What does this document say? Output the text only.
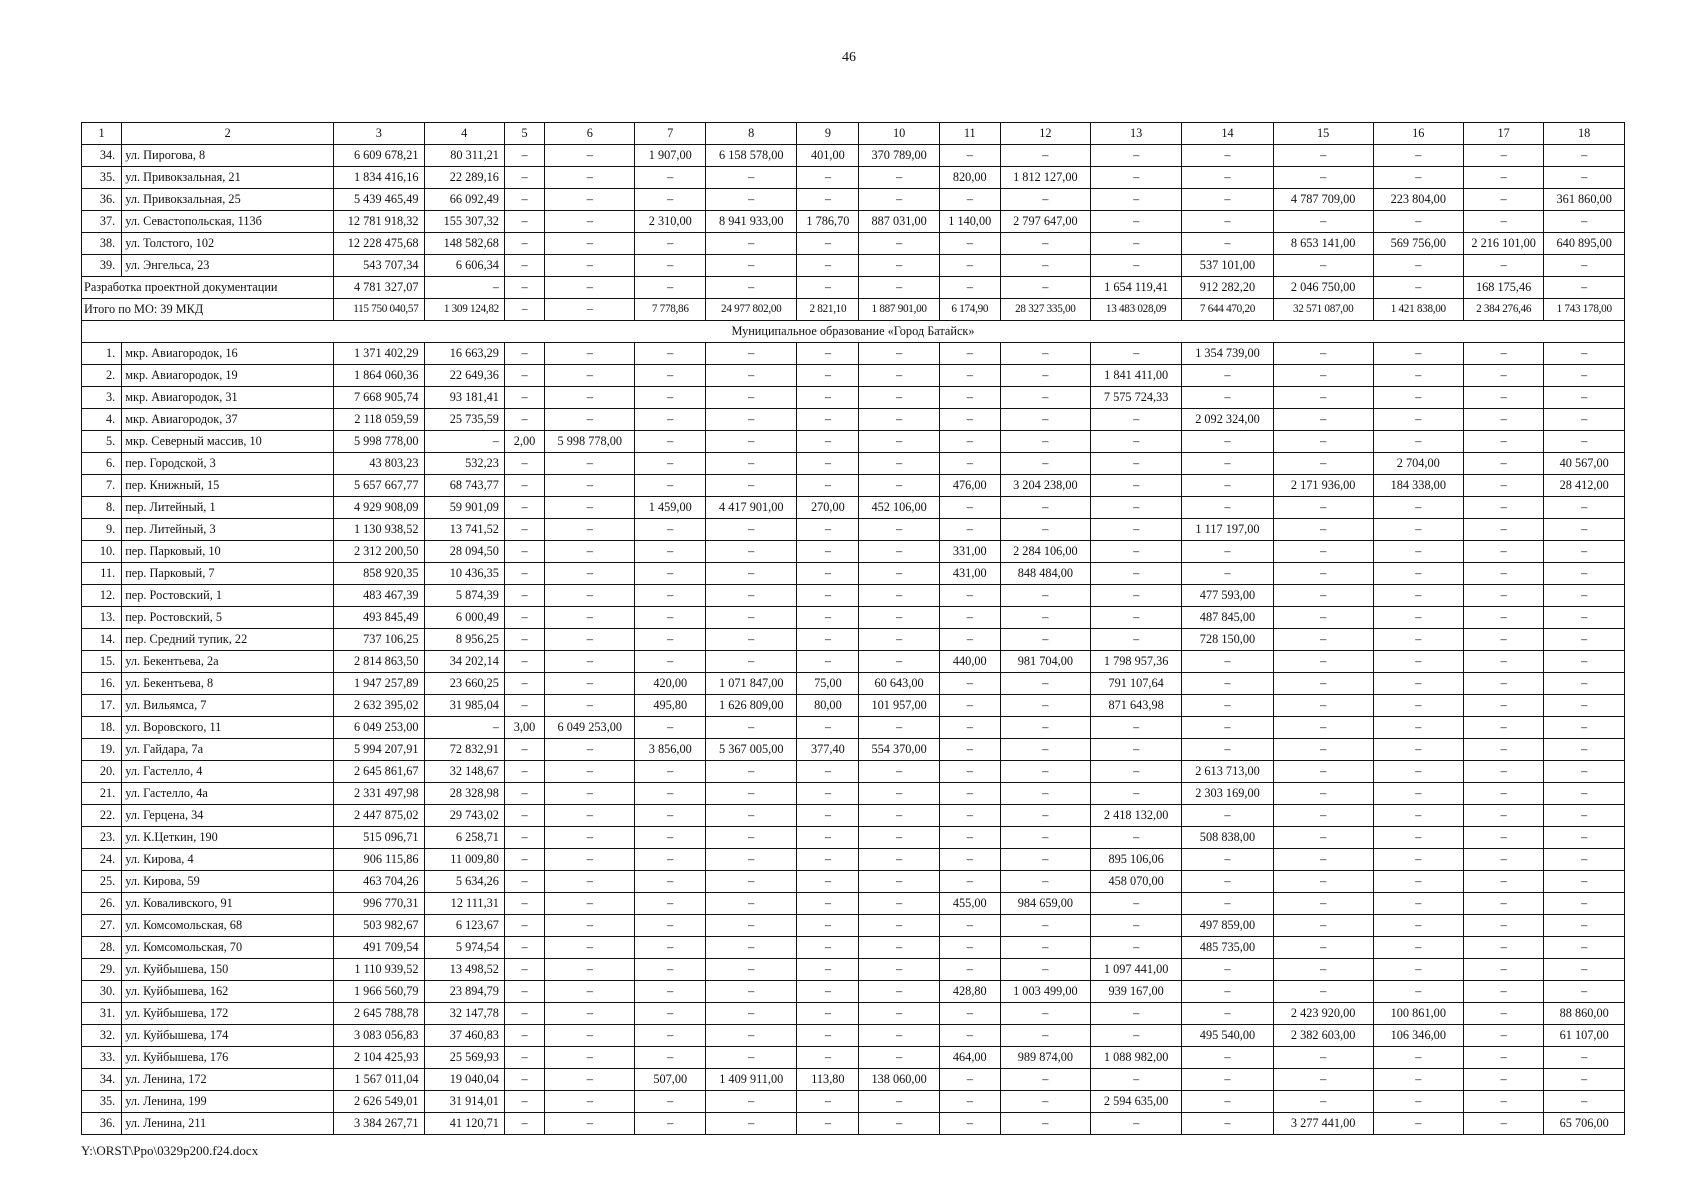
46
1	2	3	4	5	6	7	8	9	10	11	12	13	14	15	16	17	18
34.	ул. Пирогова, 8	6 609 678,21	80 311,21	–	–	1 907,00	6 158 578,00	401,00	370 789,00	–	–	–	–	–	–	–	–
35.	ул. Привокзальная, 21	1 834 416,16	22 289,16	–	–	–	–	–	–	820,00	1 812 127,00	–	–	–	–	–	–
36.	ул. Привокзальная, 25	5 439 465,49	66 092,49	–	–	–	–	–	–	–	–	–	–	4 787 709,00	223 804,00	–	361 860,00
37.	ул. Севастопольская, 113б	12 781 918,32	155 307,32	–	–	2 310,00	8 941 933,00	1 786,70	887 031,00	1 140,00	2 797 647,00	–	–	–	–	–	–
38.	ул. Толстого, 102	12 228 475,68	148 582,68	–	–	–	–	–	–	–	–	–	–	8 653 141,00	569 756,00	2 216 101,00	640 895,00
39.	ул. Энгельса, 23	543 707,34	6 606,34	–	–	–	–	–	–	–	–	–	537 101,00	–	–	–	–
Разработка проектной документации		4 781 327,07	–	–	–	–	–	–	–	–	–	1 654 119,41	912 282,20	2 046 750,00	–	168 175,46	–
Итого по МО: 39 МКД		115 750 040,57	1 309 124,82	–	–	7 778,86	24 977 802,00	2 821,10	1 887 901,00	6 174,90	28 327 335,00	13 483 028,09	7 644 470,20	32 571 087,00	1 421 838,00	2 384 276,46	1 743 178,00
Муниципальное образование «Город Батайск»																	
1.	мкр. Авиагородок, 16	1 371 402,29	16 663,29	–	–	–	–	–	–	–	–	–	1 354 739,00	–	–	–	–
2.	мкр. Авиагородок, 19	1 864 060,36	22 649,36	–	–	–	–	–	–	–	–	1 841 411,00	–	–	–	–	–
3.	мкр. Авиагородок, 31	7 668 905,74	93 181,41	–	–	–	–	–	–	–	–	7 575 724,33	–	–	–	–	–
4.	мкр. Авиагородок, 37	2 118 059,59	25 735,59	–	–	–	–	–	–	–	–	–	2 092 324,00	–	–	–	–
5.	мкр. Северный массив, 10	5 998 778,00	–	2,00	5 998 778,00	–	–	–	–	–	–	–	–	–	–	–	–
6.	пер. Городской, 3	43 803,23	532,23	–	–	–	–	–	–	–	–	–	–	–	2 704,00	–	40 567,00
7.	пер. Книжный, 15	5 657 667,77	68 743,77	–	–	–	–	–	–	476,00	3 204 238,00	–	–	2 171 936,00	184 338,00	–	28 412,00
8.	пер. Литейный, 1	4 929 908,09	59 901,09	–	–	1 459,00	4 417 901,00	270,00	452 106,00	–	–	–	–	–	–	–	–
9.	пер. Литейный, 3	1 130 938,52	13 741,52	–	–	–	–	–	–	–	–	–	1 117 197,00	–	–	–	–
10.	пер. Парковый, 10	2 312 200,50	28 094,50	–	–	–	–	–	–	331,00	2 284 106,00	–	–	–	–	–	–
11.	пер. Парковый, 7	858 920,35	10 436,35	–	–	–	–	–	–	431,00	848 484,00	–	–	–	–	–	–
12.	пер. Ростовский, 1	483 467,39	5 874,39	–	–	–	–	–	–	–	–	–	477 593,00	–	–	–	–
13.	пер. Ростовский, 5	493 845,49	6 000,49	–	–	–	–	–	–	–	–	–	487 845,00	–	–	–	–
14.	пер. Средний тупик, 22	737 106,25	8 956,25	–	–	–	–	–	–	–	–	–	728 150,00	–	–	–	–
15.	ул. Бекентьева, 2а	2 814 863,50	34 202,14	–	–	–	–	–	–	440,00	981 704,00	1 798 957,36	–	–	–	–	–
16.	ул. Бекентьева, 8	1 947 257,89	23 660,25	–	–	420,00	1 071 847,00	75,00	60 643,00	–	–	791 107,64	–	–	–	–	–
17.	ул. Вильямса, 7	2 632 395,02	31 985,04	–	–	495,80	1 626 809,00	80,00	101 957,00	–	–	871 643,98	–	–	–	–	–
18.	ул. Воровского, 11	6 049 253,00	–	3,00	6 049 253,00	–	–	–	–	–	–	–	–	–	–	–	–
19.	ул. Гайдара, 7а	5 994 207,91	72 832,91	–	–	3 856,00	5 367 005,00	377,40	554 370,00	–	–	–	–	–	–	–	–
20.	ул. Гастелло, 4	2 645 861,67	32 148,67	–	–	–	–	–	–	–	–	–	2 613 713,00	–	–	–	–
21.	ул. Гастелло, 4а	2 331 497,98	28 328,98	–	–	–	–	–	–	–	–	–	2 303 169,00	–	–	–	–
22.	ул. Герцена, 34	2 447 875,02	29 743,02	–	–	–	–	–	–	–	–	2 418 132,00	–	–	–	–	–
23.	ул. К.Цеткин, 190	515 096,71	6 258,71	–	–	–	–	–	–	–	–	–	508 838,00	–	–	–	–
24.	ул. Кирова, 4	906 115,86	11 009,80	–	–	–	–	–	–	–	–	895 106,06	–	–	–	–	–
25.	ул. Кирова, 59	463 704,26	5 634,26	–	–	–	–	–	–	–	–	458 070,00	–	–	–	–	–
26.	ул. Коваливского, 91	996 770,31	12 111,31	–	–	–	–	–	–	455,00	984 659,00	–	–	–	–	–	–
27.	ул. Комсомольская, 68	503 982,67	6 123,67	–	–	–	–	–	–	–	–	–	497 859,00	–	–	–	–
28.	ул. Комсомольская, 70	491 709,54	5 974,54	–	–	–	–	–	–	–	–	–	485 735,00	–	–	–	–
29.	ул. Куйбышева, 150	1 110 939,52	13 498,52	–	–	–	–	–	–	–	–	1 097 441,00	–	–	–	–	–
30.	ул. Куйбышева, 162	1 966 560,79	23 894,79	–	–	–	–	–	–	428,80	1 003 499,00	939 167,00	–	–	–	–	–
31.	ул. Куйбышева, 172	2 645 788,78	32 147,78	–	–	–	–	–	–	–	–	–	–	2 423 920,00	100 861,00	–	88 860,00
32.	ул. Куйбышева, 174	3 083 056,83	37 460,83	–	–	–	–	–	–	–	–	–	495 540,00	2 382 603,00	106 346,00	–	61 107,00
33.	ул. Куйбышева, 176	2 104 425,93	25 569,93	–	–	–	–	–	–	464,00	989 874,00	1 088 982,00	–	–	–	–	–
34.	ул. Ленина, 172	1 567 011,04	19 040,04	–	–	507,00	1 409 911,00	113,80	138 060,00	–	–	–	–	–	–	–	–
35.	ул. Ленина, 199	2 626 549,01	31 914,01	–	–	–	–	–	–	–	–	2 594 635,00	–	–	–	–	–
36.	ул. Ленина, 211	3 384 267,71	41 120,71	–	–	–	–	–	–	–	–	–	–	3 277 441,00	–	–	65 706,00
Y:\ORST\Ppo\0329p200.f24.docx
